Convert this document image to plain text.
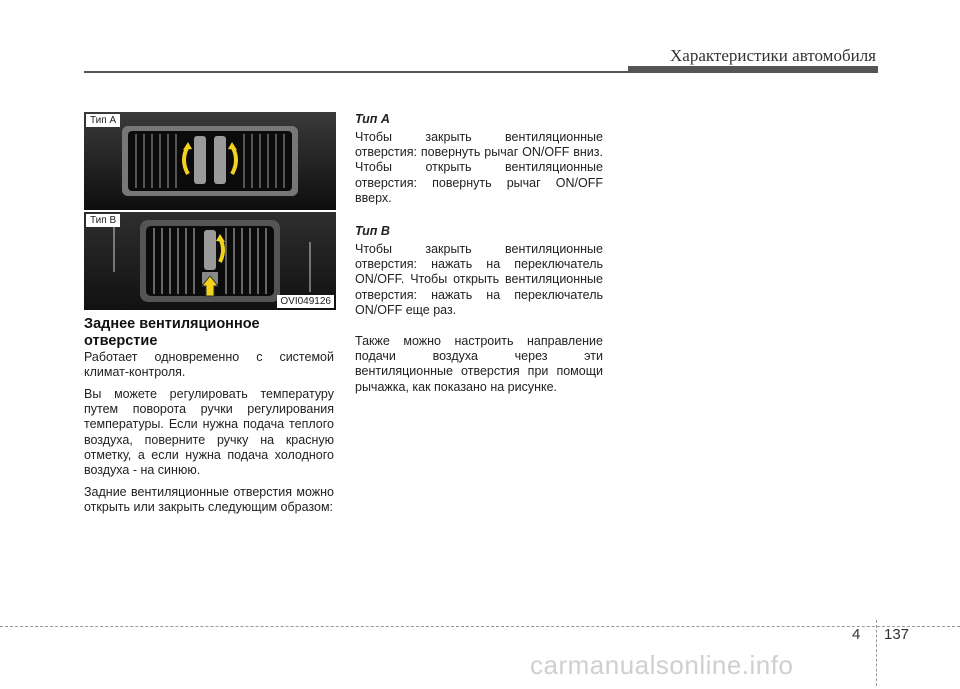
Характеристики автомобиля
Тип А
Тип B
OVI049126
Заднее вентиляционное отверстие

Работает одновременно с системой климат-контроля.

Вы можете регулировать температуру путем поворота ручки регулирования температуры. Если нужна подача теплого воздуха, поверните ручку на красную отметку, а если нужна подача холодного воздуха - на синюю.

Задние вентиляционные отверстия можно открыть или закрыть следующим образом:

Тип А

Чтобы закрыть вентиляционные отверстия: повернуть рычаг ON/OFF вниз. Чтобы открыть вентиляционные отверстия: повернуть рычаг ON/OFF вверх.

Тип B

Чтобы закрыть вентиляционные отверстия: нажать на переключатель ON/OFF. Чтобы открыть вентиляционные отверстия: нажать на переключатель ON/OFF еще раз.

Также можно настроить направление подачи воздуха через эти вентиляционные отверстия при помощи рычажка, как показано на рисунке.

4 137
carmanualsonline.info
